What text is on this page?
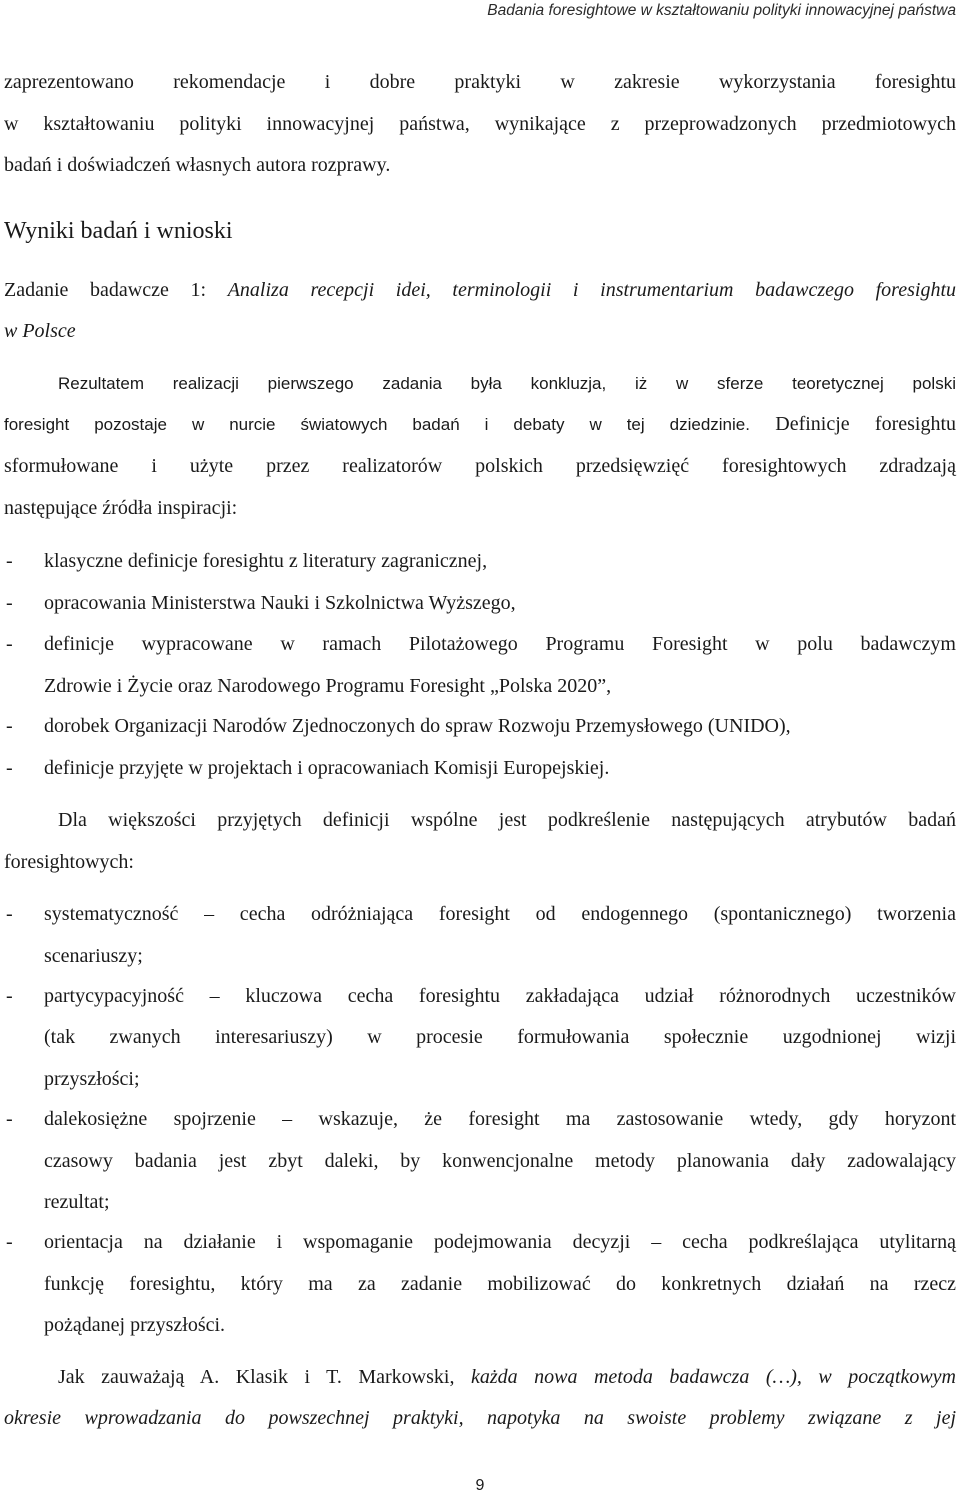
Badania foresightowe w kształtowaniu polityki innowacyjnej państwa
zaprezentowano rekomendacje i dobre praktyki w zakresie wykorzystania foresightu
w kształtowaniu polityki innowacyjnej państwa, wynikające z przeprowadzonych przedmiotowych
badań i doświadczeń własnych autora rozprawy.
Wyniki badań i wnioski
Zadanie badawcze 1: Analiza recepcji idei, terminologii i instrumentarium badawczego foresightu
w Polsce
Rezultatem realizacji pierwszego zadania była konkluzja, iż w sferze teoretycznej polski
foresight pozostaje w nurcie światowych badań i debaty w tej dziedzinie. Definicje foresightu
sformułowane i użyte przez realizatorów polskich przedsięwzięć foresightowych zdradzają
następujące źródła inspiracji:
- klasyczne definicje foresightu z literatury zagranicznej,
- opracowania Ministerstwa Nauki i Szkolnictwa Wyższego,
- definicje wypracowane w ramach Pilotażowego Programu Foresight w polu badawczym
Zdrowie i Życie oraz Narodowego Programu Foresight „Polska 2020”,
- dorobek Organizacji Narodów Zjednoczonych do spraw Rozwoju Przemysłowego (UNIDO),
- definicje przyjęte w projektach i opracowaniach Komisji Europejskiej.
Dla większości przyjętych definicji wspólne jest podkreślenie następujących atrybutów badań
foresightowych:
- systematyczność – cecha odróżniająca foresight od endogennego (spontanicznego) tworzenia
scenariuszy;
- partycypacyjność – kluczowa cecha foresightu zakładająca udział różnorodnych uczestników
(tak zwanych interesariuszy) w procesie formułowania społecznie uzgodnionej wizji
przyszłości;
- dalekosiężne spojrzenie – wskazuje, że foresight ma zastosowanie wtedy, gdy horyzont
czasowy badania jest zbyt daleki, by konwencjonalne metody planowania dały zadowalający
rezultat;
- orientacja na działanie i wspomaganie podejmowania decyzji – cecha podkreślająca utylitarną
funkcję foresightu, który ma za zadanie mobilizować do konkretnych działań na rzecz
pożądanej przyszłości.
Jak zauważają A. Klasik i T. Markowski, każda nowa metoda badawcza (…), w początkowym
okresie wprowadzania do powszechnej praktyki, napotyka na swoiste problemy związane z jej
9
